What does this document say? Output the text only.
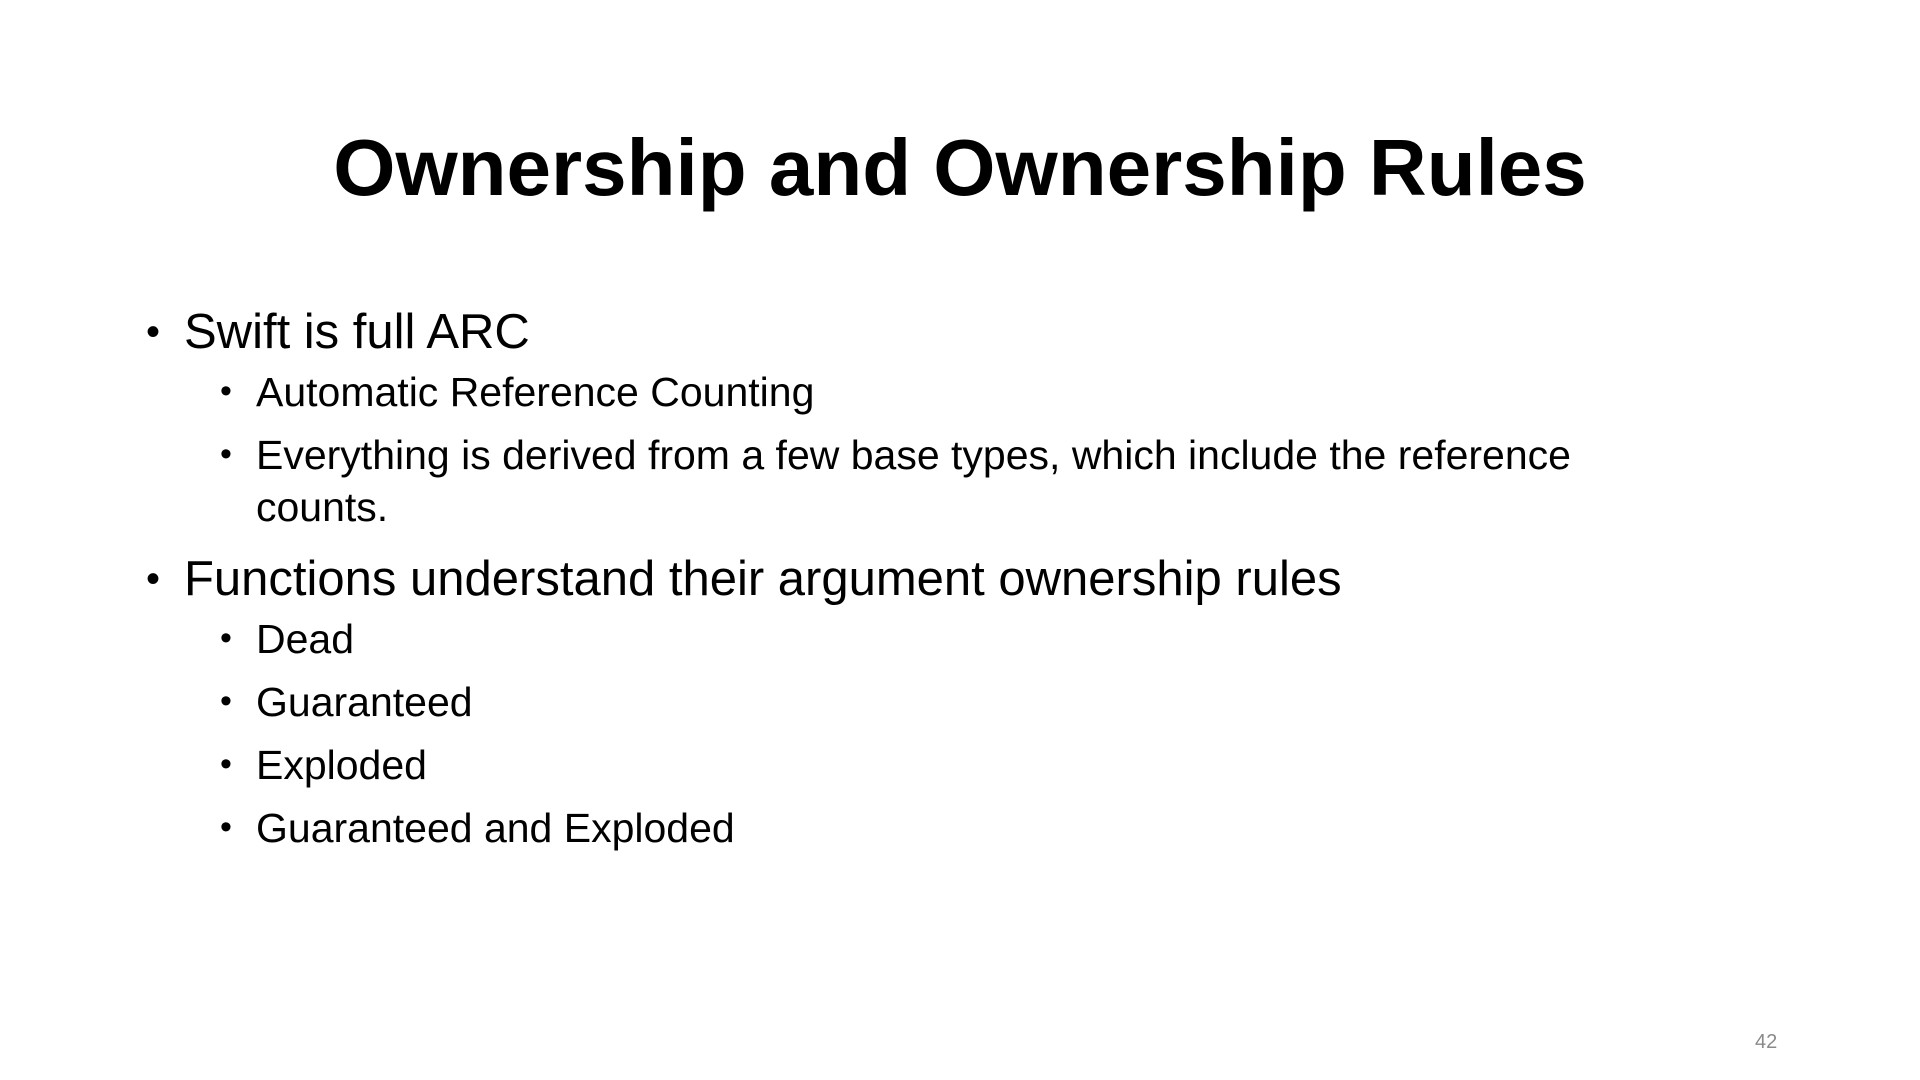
Ownership and Ownership Rules
• Swift is full ARC
• Automatic Reference Counting
• Everything is derived from a few base types, which include the reference counts.
• Functions understand their argument ownership rules
• Dead
• Guaranteed
• Exploded
• Guaranteed and Exploded
42
